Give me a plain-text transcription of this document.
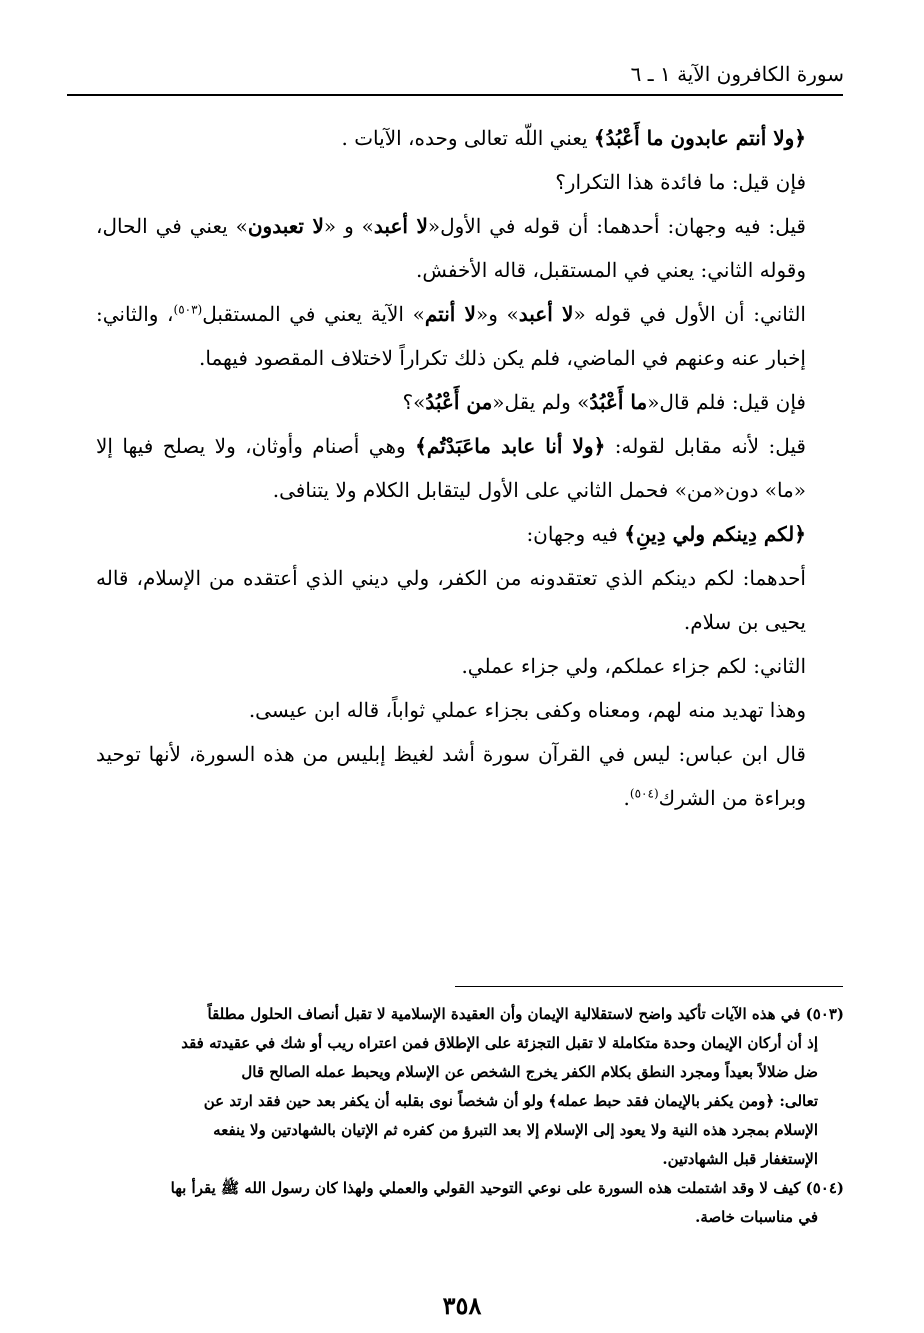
سورة الكافرون الآية ١ ـ ٦

﴿ولا أنتم عابدون ما أَعْبُدُ﴾ يعني اللّه تعالى وحده، الآيات .

فإن قيل: ما فائدة هذا التكرار؟

قيل: فيه وجهان: أحدهما: أن قوله في الأول«لا أعبد» و «لا تعبدون» يعني في الحال، وقوله الثاني: يعني في المستقبل، قاله الأخفش.

الثاني: أن الأول في قوله «لا أعبد» و«لا أنتم» الآية يعني في المستقبل$^{(٥٠٣)}$، والثاني: إخبار عنه وعنهم في الماضي، فلم يكن ذلك تكراراً لاختلاف المقصود فيهما.

فإن قيل: فلم قال«ما أَعْبُدُ» ولم يقل«من أَعْبُدُ»؟

قيل: لأنه مقابل لقوله: ﴿ولا أنا عابد ماعَبَدْتُم﴾ وهي أصنام وأوثان، ولا يصلح فيها إلا «ما» دون«من» فحمل الثاني على الأول ليتقابل الكلام ولا يتنافى.

﴿لكم دِينكم ولي دِينِ﴾ فيه وجهان:

أحدهما: لكم دينكم الذي تعتقدونه من الكفر، ولي ديني الذي أعتقده من الإسلام، قاله يحيى بن سلام.

الثاني: لكم جزاء عملكم، ولي جزاء عملي.

وهذا تهديد منه لهم، ومعناه وكفى بجزاء عملي ثواباً، قاله ابن عيسى.

قال ابن عباس: ليس في القرآن سورة أشد لغيظ إبليس من هذه السورة، لأنها توحيد وبراءة من الشرك$^{(٥٠٤)}$.

(٥٠٣) في هذه الآيات تأكيد واضح لاستقلالية الإيمان وأن العقيدة الإسلامية لا تقبل أنصاف الحلول مطلقاً
إذ أن أركان الإيمان وحدة متكاملة لا تقبل التجزئة على الإطلاق فمن اعتراه ريب أو شك في عقيدته فقد
ضل ضلالاً بعيداً ومجرد النطق بكلام الكفر يخرج الشخص عن الإسلام ويحبط عمله الصالح قال
تعالى: ﴿ومن يكفر بالإيمان فقد حبط عمله﴾ ولو أن شخصاً نوى بقلبه أن يكفر بعد حين فقد ارتد عن
الإسلام بمجرد هذه النية ولا يعود إلى الإسلام إلا بعد التبرؤ من كفره ثم الإتيان بالشهادتين ولا ينفعه
الإستغفار قبل الشهادتين.
(٥٠٤) كيف لا وقد اشتملت هذه السورة على نوعي التوحيد القولي والعملي ولهذا كان رسول الله ﷺ يقرأ بها
في مناسبات خاصة.
٣٥٨
